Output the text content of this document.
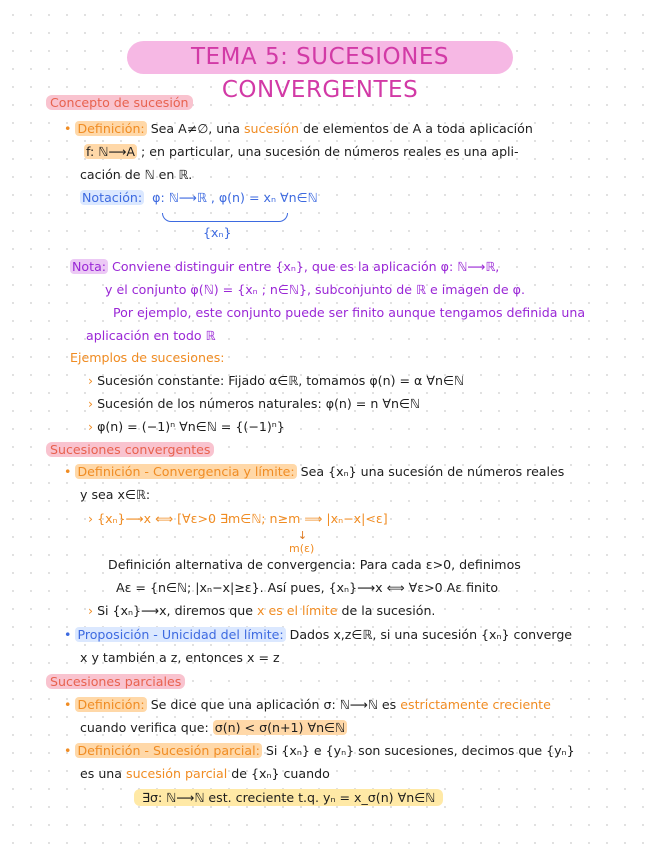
TEMA 5: SUCESIONES CONVERGENTES
Concepto de sucesión
• Definición: Sea A≠∅, una sucesión de elementos de A a toda aplicación
f: ℕ⟶A ; en particular, una sucesión de números reales es una apli-
cación de ℕ en ℝ.
Notación: φ: ℕ⟶ℝ , φ(n) = xₙ ∀n∈ℕ
{xₙ}
Nota: Conviene distinguir entre {xₙ}, que es la aplicación φ: ℕ⟶ℝ,
y el conjunto φ(ℕ) = {xₙ ; n∈ℕ}, subconjunto de ℝ e imagen de φ.
Por ejemplo, este conjunto puede ser finito aunque tengamos definida una
aplicación en todo ℝ
Ejemplos de sucesiones:
› Sucesión constante: Fijado α∈ℝ, tomamos φ(n) = α ∀n∈ℕ
› Sucesión de los números naturales: φ(n) = n ∀n∈ℕ
› φ(n) = (−1)ⁿ ∀n∈ℕ = {(−1)ⁿ}
Sucesiones convergentes
• Definición - Convergencia y límite: Sea {xₙ} una sucesión de números reales
y sea x∈ℝ:
› {xₙ}⟶x ⟺ [∀ε>0 ∃m∈ℕ; n≥m ⟹ |xₙ−x|<ε]
↓
m(ε)
Definición alternativa de convergencia: Para cada ε>0, definimos
Aε = {n∈ℕ; |xₙ−x|≥ε}. Así pues, {xₙ}⟶x ⟺ ∀ε>0 Aε finito
› Si {xₙ}⟶x, diremos que x es el límite de la sucesión.
• Proposición - Unicidad del límite: Dados x,z∈ℝ, si una sucesión {xₙ} converge
x y también a z, entonces x = z
Sucesiones parciales
• Definición: Se dice que una aplicación σ: ℕ⟶ℕ es estrictamente creciente
cuando verifica que: σ(n) < σ(n+1) ∀n∈ℕ
• Definición - Sucesión parcial: Si {xₙ} e {yₙ} son sucesiones, decimos que {yₙ}
es una sucesión parcial de {xₙ} cuando
∃σ: ℕ⟶ℕ est. creciente t.q. yₙ = x_σ(n) ∀n∈ℕ
